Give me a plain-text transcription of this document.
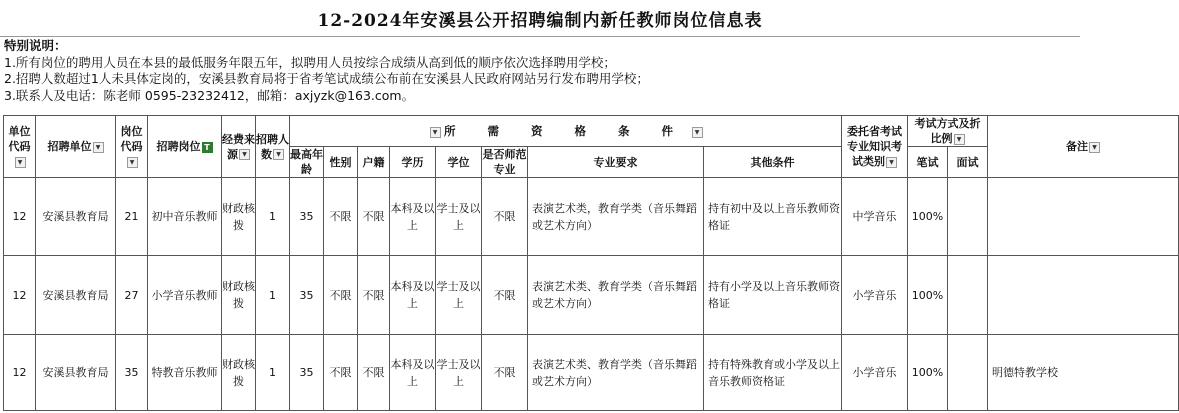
12-2024年安溪县公开招聘编制内新任教师岗位信息表
特别说明：
1.所有岗位的聘用人员在本县的最低服务年限五年，拟聘用人员按综合成绩从高到低的顺序依次选择聘用学校；
2.招聘人数超过1人未具体定岗的，安溪县教育局将于省考笔试成绩公布前在安溪县人民政府网站另行发布聘用学校；
3.联系人及电话：陈老师 0595-23232412，邮箱：axjyzk@163.com。
单位代码▼	招聘单位 ▼	岗位代码▼	招聘岗位 T	经费来源 ▼	招聘人数 ▼	▼ 所 需 资 格 条 件 ▼								委托省考试专业知识考试类别 ▼	考试方式及折 比例 ▼		备注 ▼
						最高年龄	性别	户籍	学历	学位	是否师范专业	专业要求	其他条件		笔试	面试	
12	安溪县教育局	21	初中音乐教师	财政核拨	1	35	不限	不限	本科及以上	学士及以上	不限	表演艺术类，教育学类（音乐舞蹈或艺术方向）	持有初中及以上音乐教师资格证	中学音乐	100%		
12	安溪县教育局	27	小学音乐教师	财政核拨	1	35	不限	不限	本科及以上	学士及以上	不限	表演艺术类、教育学类（音乐舞蹈或艺术方向）	持有小学及以上音乐教师资格证	小学音乐	100%		
12	安溪县教育局	35	特教音乐教师	财政核拨	1	35	不限	不限	本科及以上	学士及以上	不限	表演艺术类、教育学类（音乐舞蹈或艺术方向）	持有特殊教育或小学及以上音乐教师资格证	小学音乐	100%		明德特教学校
